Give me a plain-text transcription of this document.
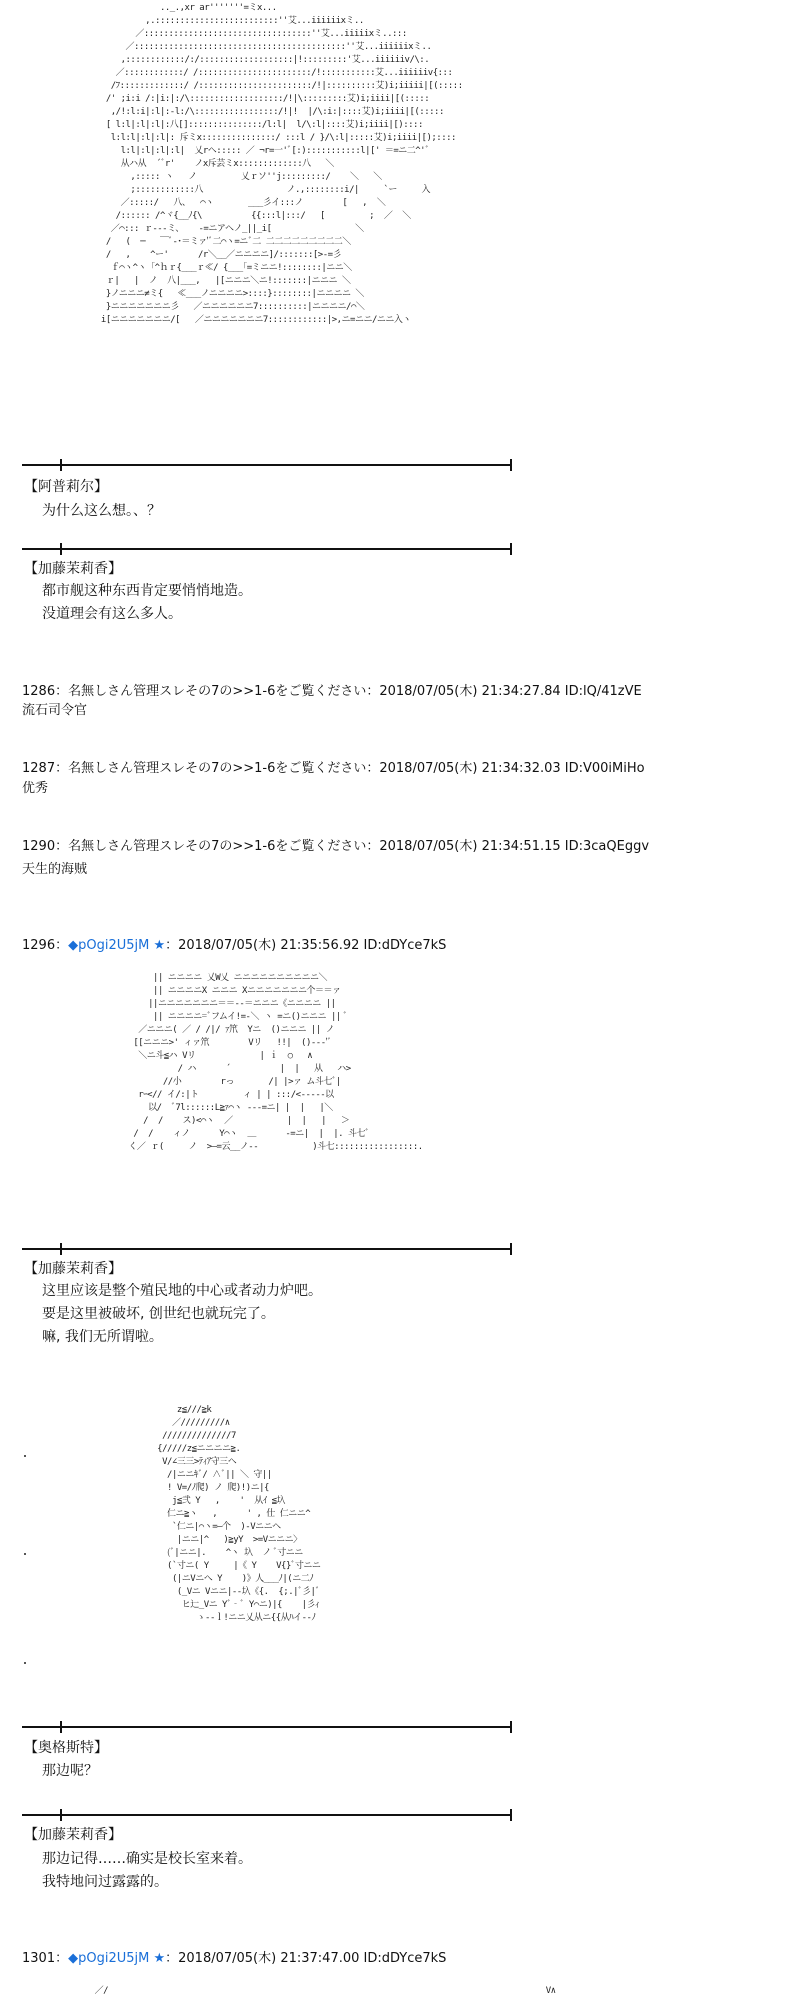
.._.,xr ar'''''''=ミx...
,.:::::::::::::::::::::::::''艾...iiiiiixミ..
／::::::::::::::::::::::::::::::::::''艾...iiiiixミ..:::
／:::::::::::::::::::::::::::::::::::::::::::''艾...iiiiiixミ..
,::::::::::::/:/:::::::::::::::::::|!:::::::::'艾...iiiiiiv/\:.
／::::::::::::/ /:::::::::::::::::::::::/!:::::::::::艾...iiiiiiv{:::
/ﾌ:::::::::::::/ /:::::::::::::::::::::::/!|::::::::::艾)i;iiiii|[(:::::
/' ;i:i /:|i:|:/\:::::::::::::::::::/!|\:::::::::艾)i;iiii|[(:::::
,/!:l:i|:l|:-l:/\:::::::::::::::::/!|!  |/\:i:|::::艾)i;iiii|[(:::::
[ l:l|:l|:l|:八[]:::::::::::::::/l:l|  l/\:l|::::艾)i;iiii|[)::::
l:l:l|:l|:l|: 斥ミx:::::::::::::::/ :::l / }/\:l|:::::艾)i;iiii|[);::::
l:l|:l|:l|:l|  乂rヘ::::: ／ ¬r=一'ﾞ[:):::::::::::l|[' ＝=ニ二^'ﾞ
从ハ从  ´ﾞr'    ノx斥芸ミx:::::::::::::八   ＼
,::::: ヽ   ノ         乂ｒソ''j:::::::::/    ＼   ＼
;::::::::::::八                 ノ.,::::::::i/|     `ー     入
／:::::/   八、  ⌒ヽ       ___彡イ:::ノ        [   ,  ＼
/:::::: /^ヾ{__ﾉ{\          {{:::l|:::/   [         ;  ／  ＼
／⌒::: ｒ‐‐-ミ、   ‐=ニアヘノ_||_i[                 ＼
/   (  ─   ￣ﾞ‐･＝ミァ'ﾞ二⌒ヽ=ニﾞ二 二二二二二二二二二＼
/   ,    ^ー'      /r＼__／ニニニニ]/:::::::[>-=彡
ｆ⌒ヽ^ヽ「^ｈｒ{___ｒ≪/ {___｢=ミニニ!::::::::|ニニ＼
ｒ|   |  ノ  八|___,   |[ニニニ＼ニ!:::::::|ニニニ ＼
}ノニニニ≠ミ{   ≪___ノニニニニ>::::}::::::::|ニニニニ ＼
}ニニニニニニニ彡   ／ニニニニニニ7::::::::::|ニニニニ/⌒＼
i[ニニニニニニニ/[   ／ニニニニニニニ7::::::::::::|>,ニ=ニニ/ニニ入ヽ
【阿普莉尔】
为什么这么想。、？
【加藤茉莉香】
都市舰这种东西肯定要悄悄地造。
没道理会有这么多人。
1286：名無しさん管理スレその7の>>1-6をご覧ください：2018/07/05(木) 21:34:27.84 ID:lQ/41zVE
流石司令官
1287：名無しさん管理スレその7の>>1-6をご覧ください：2018/07/05(木) 21:34:32.03 ID:V00iMiHo
优秀
1290：名無しさん管理スレその7の>>1-6をご覧ください：2018/07/05(木) 21:34:51.15 ID:3caQEggv
天生的海贼
1296：◆pOgi2U5jM ★：2018/07/05(木) 21:35:56.92 ID:dDYce7kS
|| ニニニニ 乂W乂 ニニニニニニニニニニ＼
|| ニニニニX ニニニ Xニニニニニニニ个＝＝ァ
||ニニニニニニニ＝＝‐‐＝ニニニ《ニニニニ ||
|| ニニニニ=ﾞフムイ!=-＼ ヽ =ニ()ニニニ || ﾞ
／ニニニ( ／ / /|/ ｧ笊  Yニ  ()ニニニ || ノ
[[ニニニ>' ィァ笊        Vリ   !!|  ()---'ﾞ
＼ニ斗≦ハ Vリ             | ｉ  ○   ∧
/ ハ      ´          |  |   从   ハ>
//小        rっ       /| |>ァ ム斗七ﾞ|
rｰ<// イ/:|ト         ィ | | :::/<‐‐‐‐‐以
以/  ﾞ7l::::::L≧ｧ⌒ヽ ‐‐‐=ニ| |  |   |＼
/  /    ス)<⌒ヽ  ／           |  |   |   ＞
/  /    ィノ      Y⌒ヽ  ＿      -=ニ|  |  |. 斗七ﾞ
く／ ｒ(     ノ  >―=云__ノ‐‐           )斗七:::::::::::::::::.
【加藤茉莉香】
这里应该是整个殖民地的中心或者动力炉吧。
要是这里被破坏, 创世纪也就玩完了。
嘛, 我们无所谓啦。
z≦///≧k
／/////////∧
//////////////7
{/////z≦ニニニニ≧.
V/∠三三>ﾃｨｱ守三ヘ
/|ニニｷﾞ/ ∧ﾞ|| ＼ 守||
! V=/ﾉ爬) ノ 爬)!)ニ|{
j≦弐 Y   ,    '  从ｲ ≦圦
仁ニ≧ヽ   ,      ' , 仕 仁ニニ^
`仁ニ|⌒ヽ=―个  )-Vニニヘ
|ニニ|^   )≧yY  >=Vニニニ〉
(ﾞ|ニニ|.    ^ヽ 圦  ノ ﾞ寸ニニ
(`寸ニ( Y     |《 Y    V{}ﾞ寸ニニ
(|ニVニへ Y    )》人___ﾉ|(ニ二ﾉ
(_Vニ Vニニ|‐‐圦《{.  {;.|ﾞ彡|ﾞ
ヒ辷_Vニ Yﾞ‐ﾞ Y⌒ニ)|{    |彡ｨ
ゝ‐‐ｌ!ニニ乂从ニ{{从ﾊイ‐‐ﾉ
【奥格斯特】
那边呢？
【加藤茉莉香】
那边记得……确实是校长室来着。
我特地问过露露的。
1301：◆pOgi2U5jM ★：2018/07/05(木) 21:37:47.00 ID:dDYce7kS
／/                                                                                         V∧
